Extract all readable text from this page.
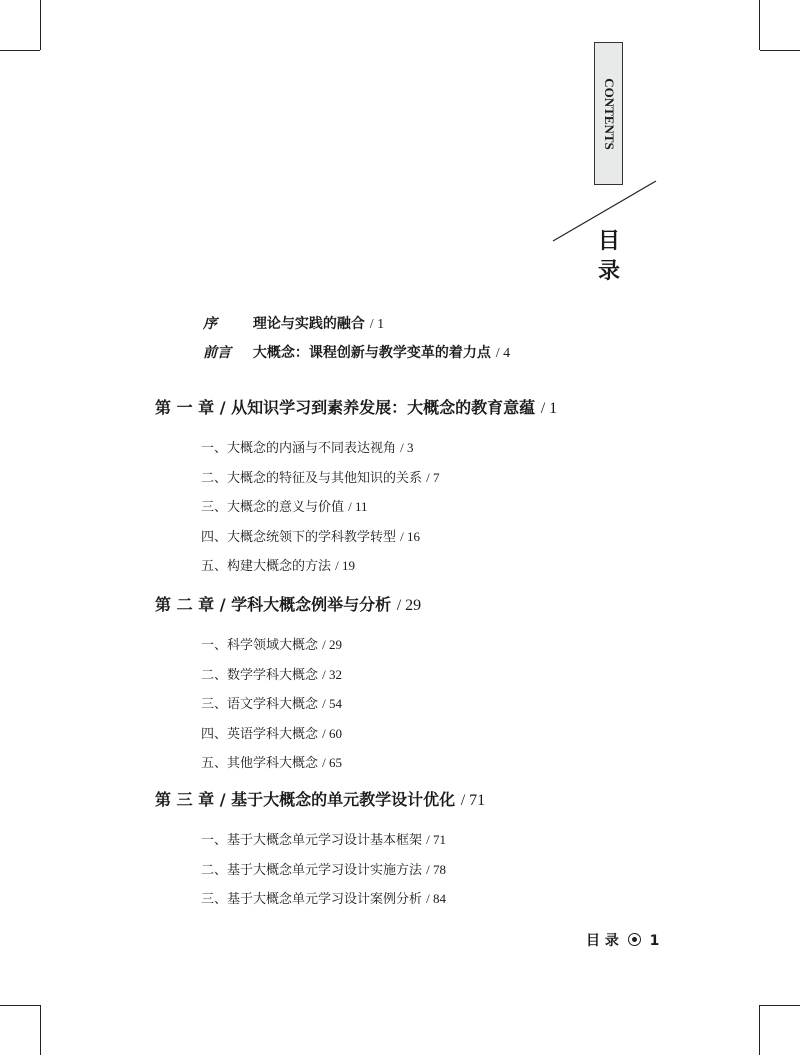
CONTENTS
目
录
序	理论与实践的融合 / 1
前言 大概念：课程创新与教学变革的着力点 / 4
第 一 章 / 从知识学习到素养发展：大概念的教育意蕴 / 1
一、大概念的内涵与不同表达视角 / 3
二、大概念的特征及与其他知识的关系 / 7
三、大概念的意义与价值 / 11
四、大概念统领下的学科教学转型 / 16
五、构建大概念的方法 / 19
第 二 章 / 学科大概念例举与分析 / 29
一、科学领域大概念 / 29
二、数学学科大概念 / 32
三、语文学科大概念 / 54
四、英语学科大概念 / 60
五、其他学科大概念 / 65
第 三 章 / 基于大概念的单元教学设计优化 / 71
一、基于大概念单元学习设计基本框架 / 71
二、基于大概念单元学习设计实施方法 / 78
三、基于大概念单元学习设计案例分析 / 84
目 录 1
